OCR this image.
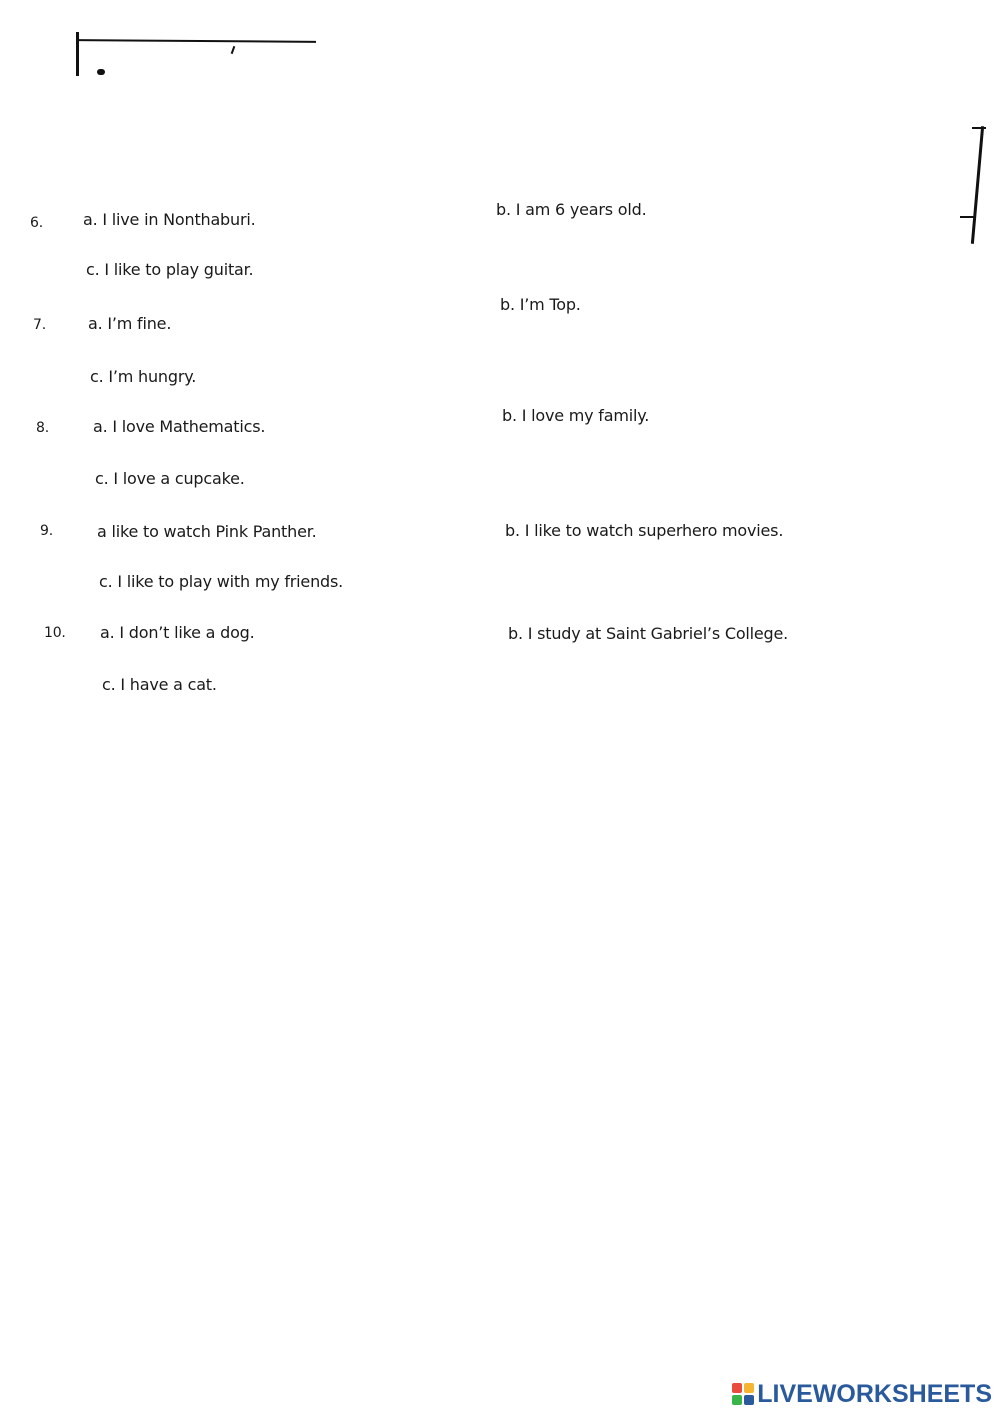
6.	a. I live in Nonthaburi.
b. I am 6 years old.
c. I like to play guitar.
7.	a. I’m fine.
b. I’m Top.
c. I’m hungry.
8.	a. I love Mathematics.
b. I love my family.
c. I love a cupcake.
9.	a like to watch Pink Panther.	b. I like to watch superhero movies.
c. I like to play with my friends.
10. a. I don’t like a dog.	b. I study at Saint Gabriel’s College.
c. I have a cat.
LIVEWORKSHEETS
